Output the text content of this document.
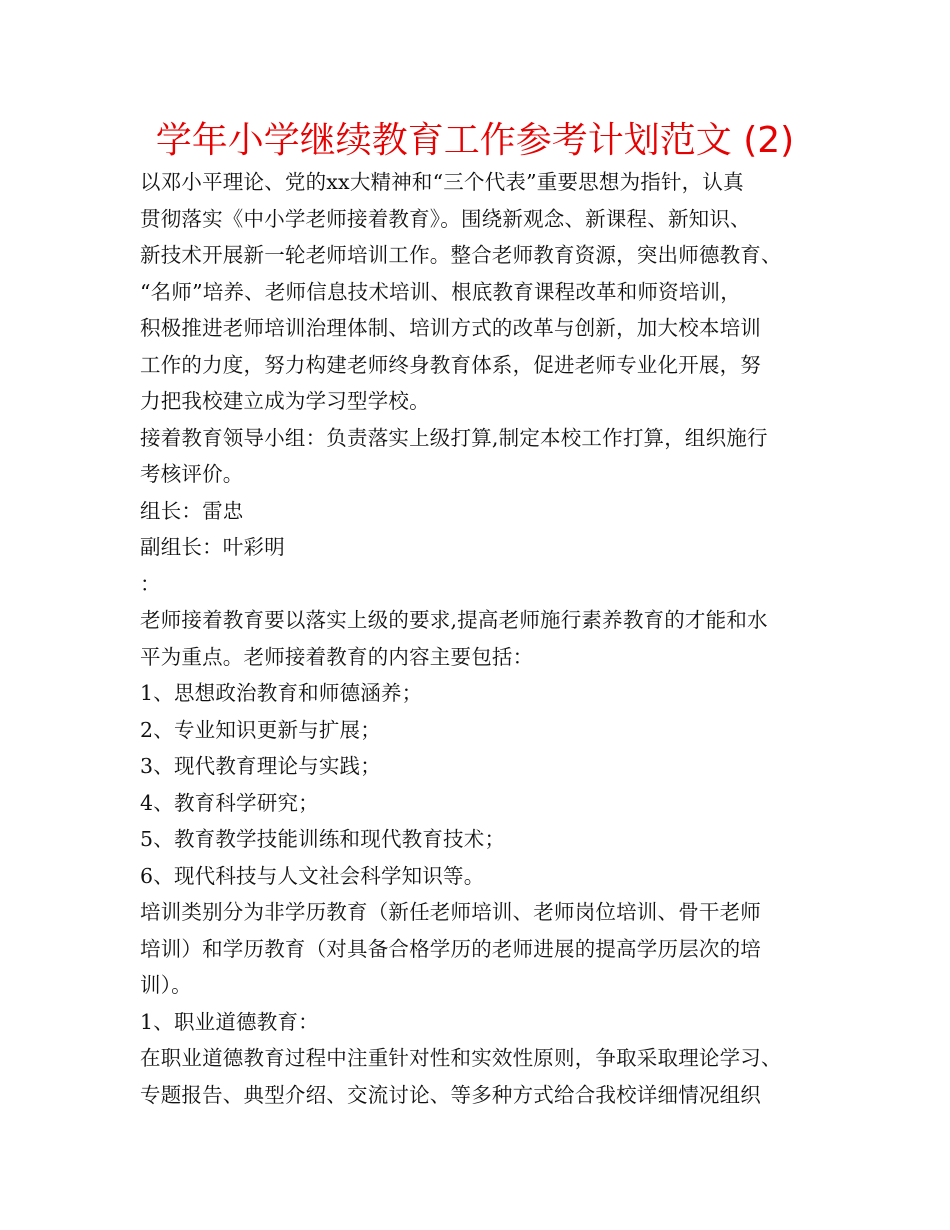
学年小学继续教育工作参考计划范文 (2)
以邓小平理论、党的xx大精神和“三个代表”重要思想为指针，认真
贯彻落实《中小学老师接着教育》。围绕新观念、新课程、新知识、
新技术开展新一轮老师培训工作。整合老师教育资源，突出师德教育、
“名师”培养、老师信息技术培训、根底教育课程改革和师资培训，
积极推进老师培训治理体制、培训方式的改革与创新，加大校本培训
工作的力度，努力构建老师终身教育体系，促进老师专业化开展，努
力把我校建立成为学习型学校。
接着教育领导小组：负责落实上级打算,制定本校工作打算，组织施行
考核评价。
组长：雷忠
副组长：叶彩明
：
老师接着教育要以落实上级的要求,提高老师施行素养教育的才能和水
平为重点。老师接着教育的内容主要包括：
1、思想政治教育和师德涵养；
2、专业知识更新与扩展；
3、现代教育理论与实践；
4、教育科学研究；
5、教育教学技能训练和现代教育技术；
6、现代科技与人文社会科学知识等。
培训类别分为非学历教育（新任老师培训、老师岗位培训、骨干老师
培训）和学历教育（对具备合格学历的老师进展的提高学历层次的培
训）。
1、职业道德教育：
在职业道德教育过程中注重针对性和实效性原则，争取采取理论学习、
专题报告、典型介绍、交流讨论、等多种方式给合我校详细情况组织
